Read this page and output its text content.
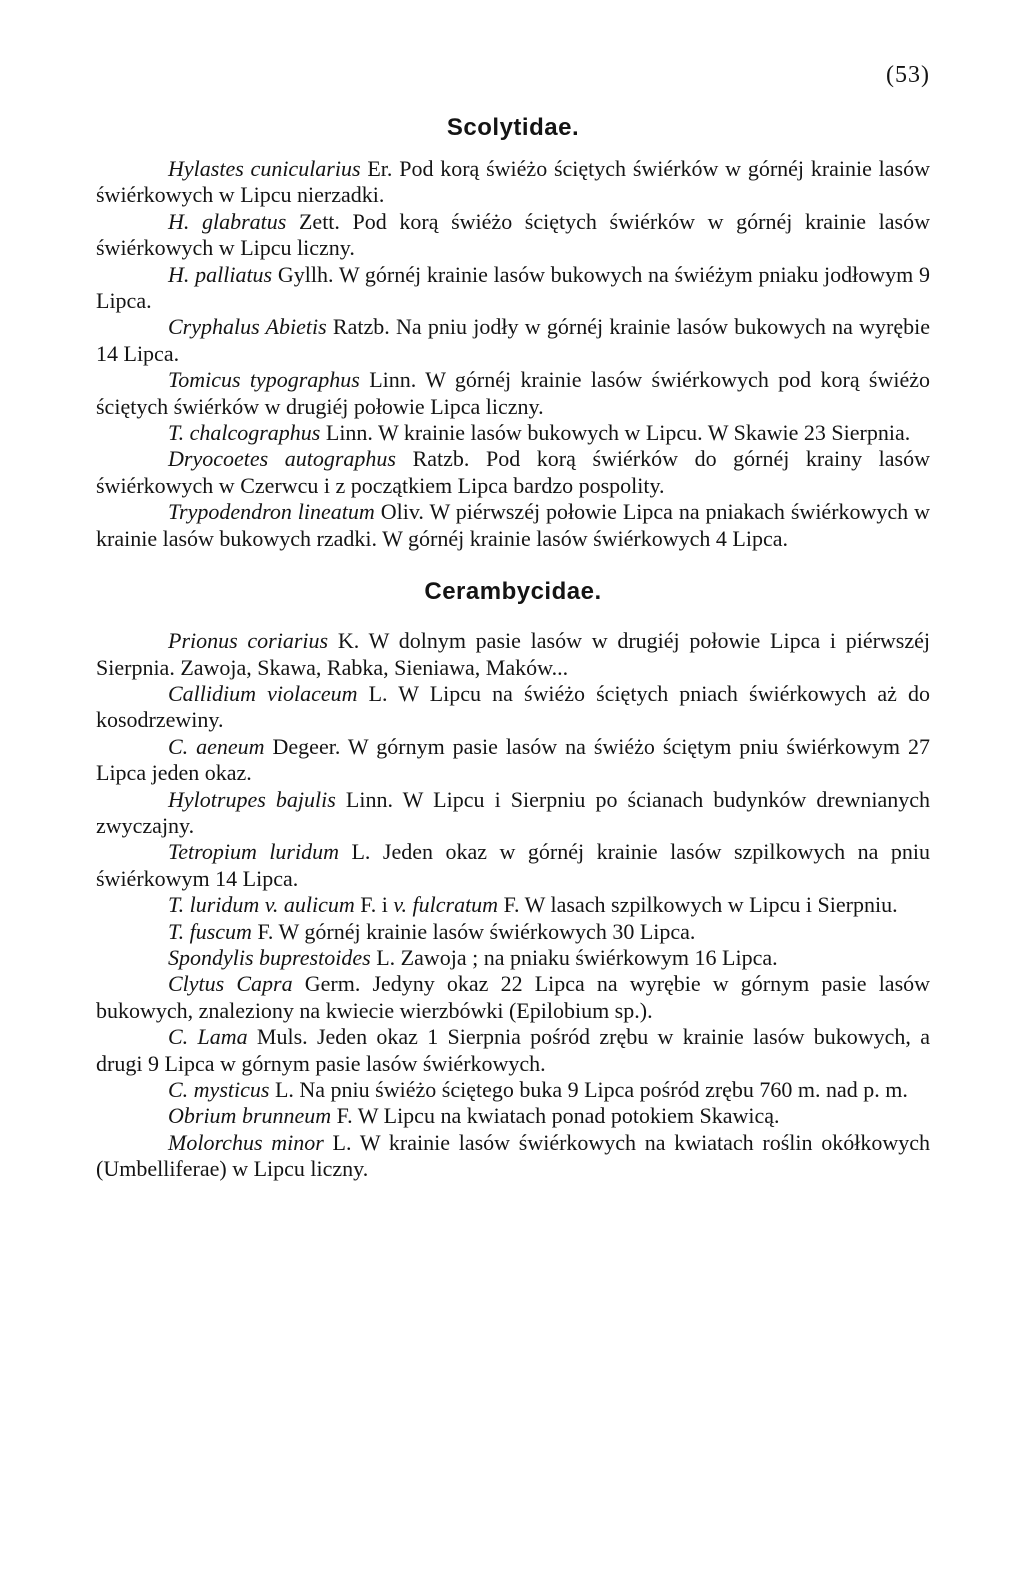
(53)
Scolytidae.

Hylastes cunicularius Er. Pod korą świéżo ściętych świérków w górnéj krainie lasów świérkowych w Lipcu nierzadki.

H. glabratus Zett. Pod korą świéżo ściętych świérków w górnéj krainie lasów świérkowych w Lipcu liczny.

H. palliatus Gyllh. W górnéj krainie lasów bukowych na świéżym pniaku jodłowym 9 Lipca.

Cryphalus Abietis Ratzb. Na pniu jodły w górnéj krainie lasów bukowych na wyrębie 14 Lipca.

Tomicus typographus Linn. W górnéj krainie lasów świérkowych pod korą świéżo ściętych świérków w drugiéj połowie Lipca liczny.

T. chalcographus Linn. W krainie lasów bukowych w Lipcu. W Skawie 23 Sierpnia.

Dryocoetes autographus Ratzb. Pod korą świérków do górnéj krainy lasów świérkowych w Czerwcu i z początkiem Lipca bardzo pospolity.

Trypodendron lineatum Oliv. W piérwszéj połowie Lipca na pniakach świérkowych w krainie lasów bukowych rzadki. W górnéj krainie lasów świérkowych 4 Lipca.

Cerambycidae.

Prionus coriarius K. W dolnym pasie lasów w drugiéj połowie Lipca i piérwszéj Sierpnia. Zawoja, Skawa, Rabka, Sieniawa, Maków...

Callidium violaceum L. W Lipcu na świéżo ściętych pniach świérkowych aż do kosodrzewiny.

C. aeneum Degeer. W górnym pasie lasów na świéżo ściętym pniu świérkowym 27 Lipca jeden okaz.

Hylotrupes bajulis Linn. W Lipcu i Sierpniu po ścianach budynków drewnianych zwyczajny.

Tetropium luridum L. Jeden okaz w górnéj krainie lasów szpilkowych na pniu świérkowym 14 Lipca.

T. luridum v. aulicum F. i v. fulcratum F. W lasach szpilkowych w Lipcu i Sierpniu.

T. fuscum F. W górnéj krainie lasów świérkowych 30 Lipca.

Spondylis buprestoides L. Zawoja ; na pniaku świérkowym 16 Lipca.

Clytus Capra Germ. Jedyny okaz 22 Lipca na wyrębie w górnym pasie lasów bukowych, znaleziony na kwiecie wierzbówki (Epilobium sp.).

C. Lama Muls. Jeden okaz 1 Sierpnia pośród zrębu w krainie lasów bukowych, a drugi 9 Lipca w górnym pasie lasów świérkowych.

C. mysticus L. Na pniu świéżo ściętego buka 9 Lipca pośród zrębu 760 m. nad p. m.

Obrium brunneum F. W Lipcu na kwiatach ponad potokiem Skawicą.

Molorchus minor L. W krainie lasów świérkowych na kwiatach roślin okółkowych (Umbelliferae) w Lipcu liczny.
